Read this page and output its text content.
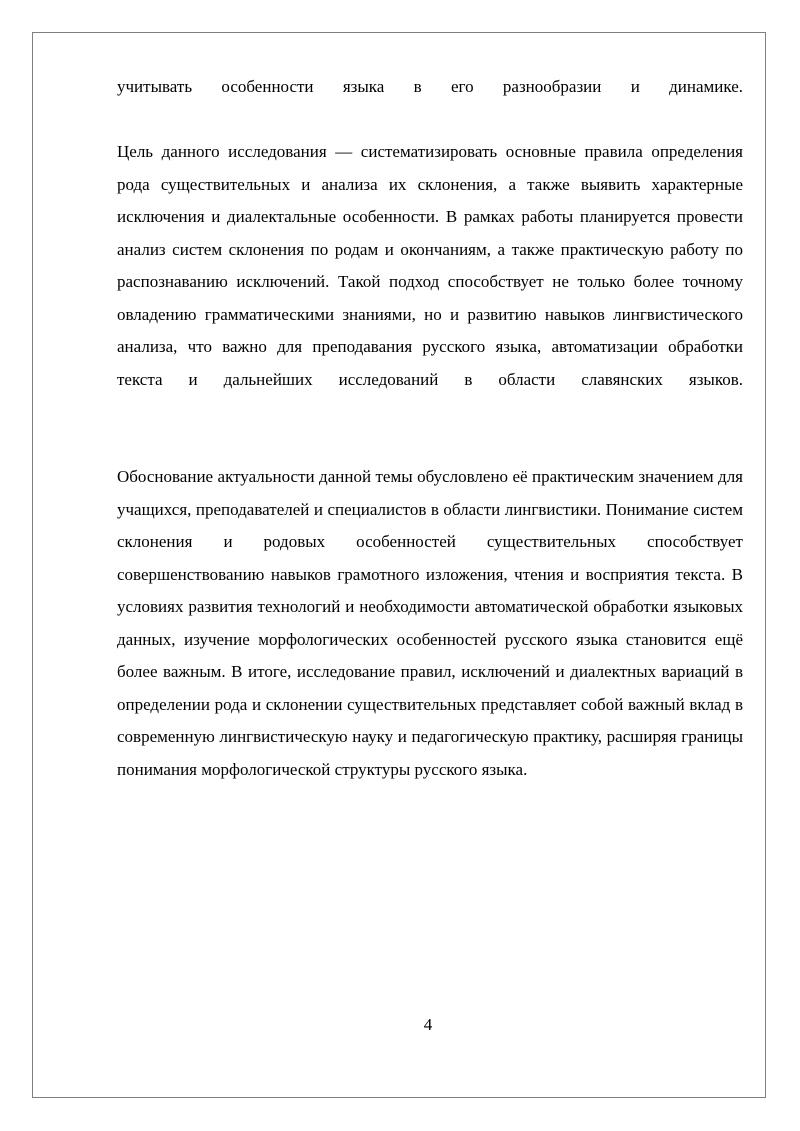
учитывать особенности языка в его разнообразии и динамике.

Цель данного исследования — систематизировать основные правила определения рода существительных и анализа их склонения, а также выявить характерные исключения и диалектальные особенности. В рамках работы планируется провести анализ систем склонения по родам и окончаниям, а также практическую работу по распознаванию исключений. Такой подход способствует не только более точному овладению грамматическими знаниями, но и развитию навыков лингвистического анализа, что важно для преподавания русского языка, автоматизации обработки текста и дальнейших исследований в области славянских языков.

Обоснование актуальности данной темы обусловлено её практическим значением для учащихся, преподавателей и специалистов в области лингвистики. Понимание систем склонения и родовых особенностей существительных способствует совершенствованию навыков грамотного изложения, чтения и восприятия текста. В условиях развития технологий и необходимости автоматической обработки языковых данных, изучение морфологических особенностей русского языка становится ещё более важным. В итоге, исследование правил, исключений и диалектных вариаций в определении рода и склонении существительных представляет собой важный вклад в современную лингвистическую науку и педагогическую практику, расширяя границы понимания морфологической структуры русского языка.

4
